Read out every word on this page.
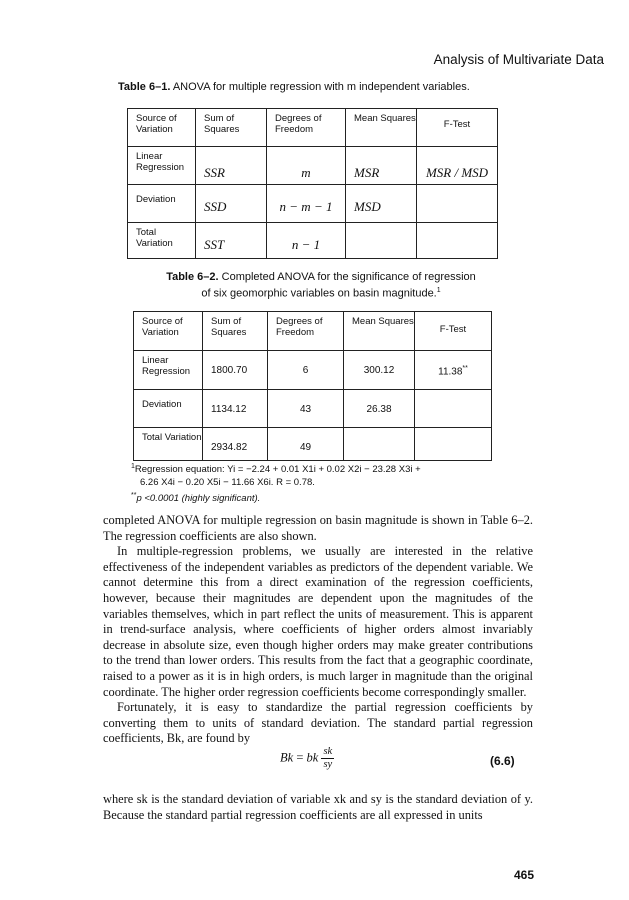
Analysis of Multivariate Data
Table 6–1. ANOVA for multiple regression with m independent variables.
Source of Variation	Sum of Squares	Degrees of Freedom	Mean Squares	F-Test
Linear Regression	SSR	m	MSR	MSR / MSD
Deviation	SSD	n − m − 1	MSD	
Total Variation	SST	n − 1		
Table 6–2. Completed ANOVA for the significance of regression
of six geomorphic variables on basin magnitude.$^1$
Source of Variation	Sum of Squares	Degrees of Freedom	Mean Squares	F-Test
Linear Regression	1800.70	6	300.12	11.38**
Deviation	1134.12	43	26.38	
Total Variation	2934.82	49		
$^1$Regression equation: Yi = −2.24 + 0.01 X1i + 0.02 X2i − 23.28 X3i +
6.26 X4i − 0.20 X5i − 11.66 X6i. R = 0.78.
**p <0.0001 (highly significant).

completed ANOVA for multiple regression on basin magnitude is shown in Table 6–2. The regression coefficients are also shown.

In multiple-regression problems, we usually are interested in the relative effectiveness of the independent variables as predictors of the dependent variable. We cannot determine this from a direct examination of the regression coefficients, however, because their magnitudes are dependent upon the magnitudes of the variables themselves, which in part reflect the units of measurement. This is apparent in trend-surface analysis, where coefficients of higher orders almost invariably decrease in absolute size, even though higher orders may make greater contributions to the trend than lower orders. This results from the fact that a geographic coordinate, raised to a power as it is in high orders, is much larger in magnitude than the original coordinate. The higher order regression coefficients become correspondingly smaller.

Fortunately, it is easy to standardize the partial regression coefficients by converting them to units of standard deviation. The standard partial regression coefficients, Bk, are found by

Bk = bk $\frac{sk}{sy}$	(6.6)

where sk is the standard deviation of variable xk and sy is the standard deviation of y. Because the standard partial regression coefficients are all expressed in units

465
